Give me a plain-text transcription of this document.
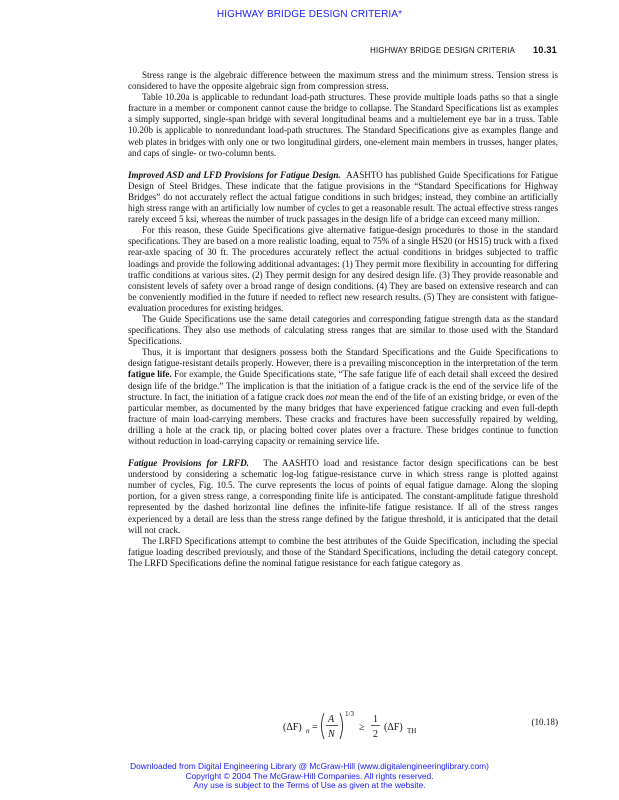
HIGHWAY BRIDGE DESIGN CRITERIA*
HIGHWAY BRIDGE DESIGN CRITERIA 10.31

Stress range is the algebraic difference between the maximum stress and the minimum stress. Tension stress is considered to have the opposite algebraic sign from compression stress.

Table 10.20a is applicable to redundant load-path structures. These provide multiple loads paths so that a single fracture in a member or component cannot cause the bridge to collapse. The Standard Specifications list as examples a simply supported, single-span bridge with several longitudinal beams and a multielement eye bar in a truss. Table 10.20b is applicable to nonredundant load-path structures. The Standard Specifications give as examples flange and web plates in bridges with only one or two longitudinal girders, one-element main members in trusses, hanger plates, and caps of single- or two-column bents.

Improved ASD and LFD Provisions for Fatigue Design. AASHTO has published Guide Specifications for Fatigue Design of Steel Bridges. These indicate that the fatigue provisions in the “Standard Specifications for Highway Bridges” do not accurately reflect the actual fatigue conditions in such bridges; instead, they combine an artificially high stress range with an artificially low number of cycles to get a reasonable result. The actual effective stress ranges rarely exceed 5 ksi, whereas the number of truck passages in the design life of a bridge can exceed many million.

For this reason, these Guide Specifications give alternative fatigue-design procedures to those in the standard specifications. They are based on a more realistic loading, equal to 75% of a single HS20 (or HS15) truck with a fixed rear-axle spacing of 30 ft. The procedures accurately reflect the actual conditions in bridges subjected to traffic loadings and provide the following additional advantages: (1) They permit more flexibility in accounting for differing traffic conditions at various sites. (2) They permit design for any desired design life. (3) They provide reasonable and consistent levels of safety over a broad range of design conditions. (4) They are based on extensive research and can be conveniently modified in the future if needed to reflect new research results. (5) They are consistent with fatigue-evaluation procedures for existing bridges.

The Guide Specifications use the same detail categories and corresponding fatigue strength data as the standard specifications. They also use methods of calculating stress ranges that are similar to those used with the Standard Specifications.

Thus, it is important that designers possess both the Standard Specifications and the Guide Specifications to design fatigue-resistant details properly. However, there is a prevailing misconception in the interpretation of the term fatigue life. For example, the Guide Specifications state, “The safe fatigue life of each detail shall exceed the desired design life of the bridge.” The implication is that the initiation of a fatigue crack is the end of the service life of the structure. In fact, the initiation of a fatigue crack does not mean the end of the life of an existing bridge, or even of the particular member, as documented by the many bridges that have experienced fatigue cracking and even full-depth fracture of main load-carrying members. These cracks and fractures have been successfully repaired by welding, drilling a hole at the crack tip, or placing bolted cover plates over a fracture. These bridges continue to function without reduction in load-carrying capacity or remaining service life.

Fatigue Provisions for LRFD. The AASHTO load and resistance factor design specifications can be best understood by considering a schematic log-log fatigue-resistance curve in which stress range is plotted against number of cycles, Fig. 10.5. The curve represents the locus of points of equal fatigue damage. Along the sloping portion, for a given stress range, a corresponding finite life is anticipated. The constant-amplitude fatigue threshold represented by the dashed horizontal line defines the infinite-life fatigue resistance. If all of the stress ranges experienced by a detail are less than the stress range defined by the fatigue threshold, it is anticipated that the detail will not crack.

The LRFD Specifications attempt to combine the best attributes of the Guide Specification, including the special fatigue loading described previously, and those of the Standard Specifications, including the detail category concept. The LRFD Specifications define the nominal fatigue resistance for each fatigue category as

(ΔF) n =
A
N
1/3
≥
1
2
(ΔF) TH
(10.18)
Downloaded from Digital Engineering Library @ McGraw-Hill (www.digitalengineeringlibrary.com)
Copyright © 2004 The McGraw-Hill Companies. All rights reserved.
Any use is subject to the Terms of Use as given at the website.
